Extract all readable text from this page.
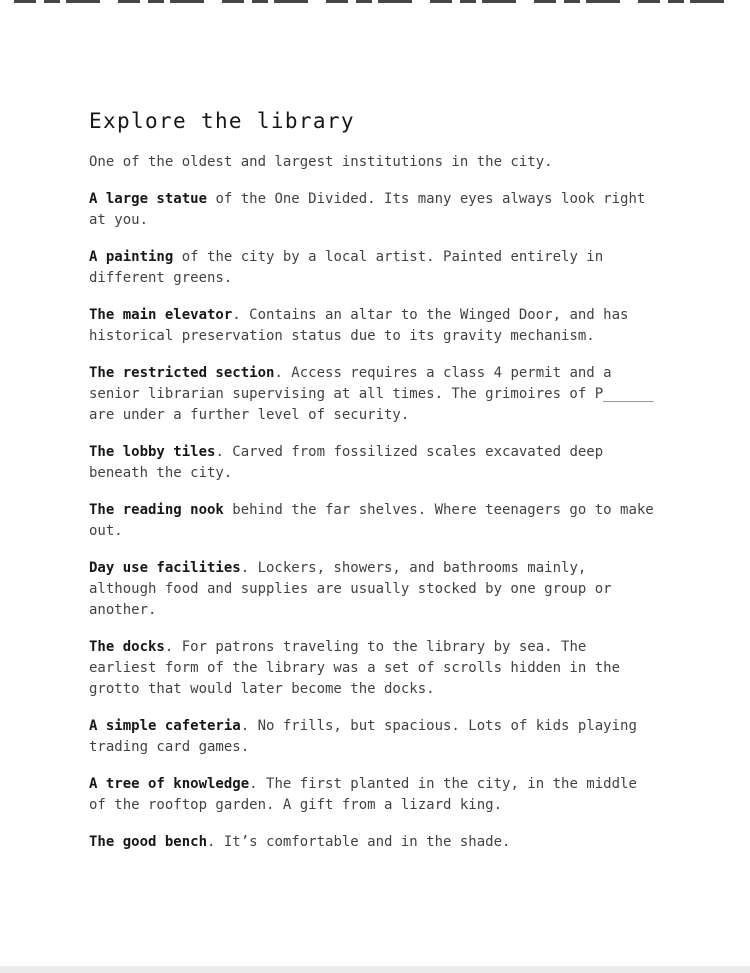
Explore the library

One of the oldest and largest institutions in the city.

A large statue of the One Divided. Its many eyes always look right at you.

A painting of the city by a local artist. Painted entirely in different greens.

The main elevator. Contains an altar to the Winged Door, and has historical preservation status due to its gravity mechanism.

The restricted section. Access requires a class 4 permit and a senior librarian supervising at all times. The grimoires of P______ are under a further level of security.

The lobby tiles. Carved from fossilized scales excavated deep beneath the city.

The reading nook behind the far shelves. Where teenagers go to make out.

Day use facilities. Lockers, showers, and bathrooms mainly, although food and supplies are usually stocked by one group or another.

The docks. For patrons traveling to the library by sea. The earliest form of the library was a set of scrolls hidden in the grotto that would later become the docks.

A simple cafeteria. No frills, but spacious. Lots of kids playing trading card games.

A tree of knowledge. The first planted in the city, in the middle of the rooftop garden. A gift from a lizard king.

The good bench. It’s comfortable and in the shade.
